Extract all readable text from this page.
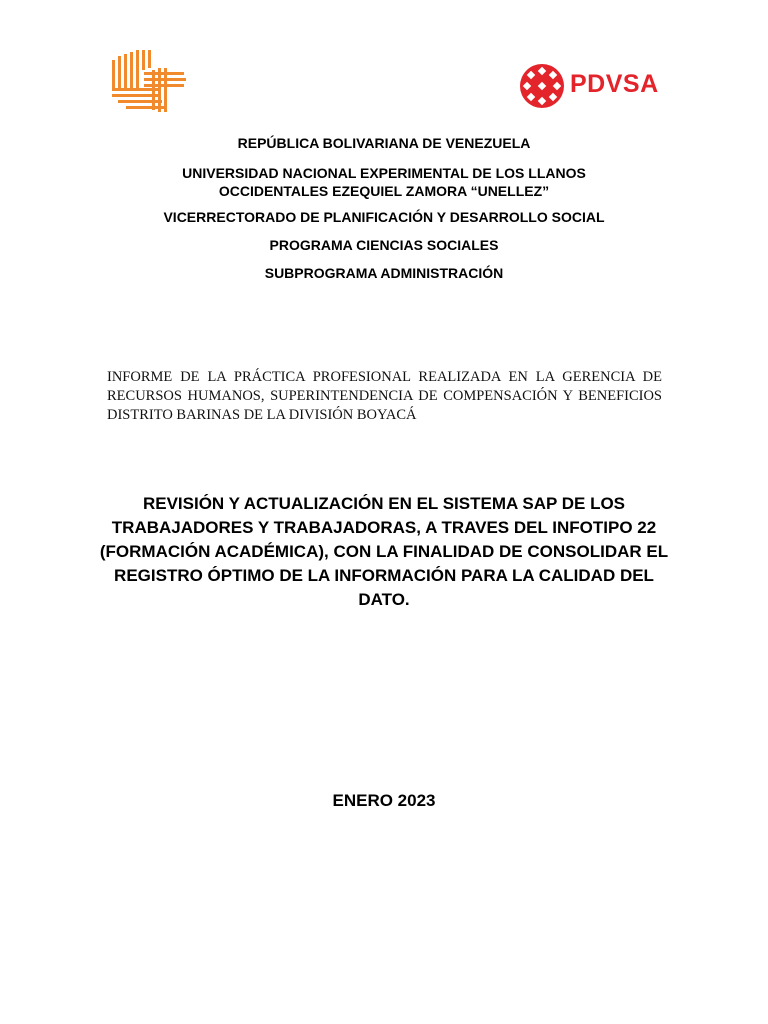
PDVSA

REPÚBLICA BOLIVARIANA DE VENEZUELA

UNIVERSIDAD NACIONAL EXPERIMENTAL DE LOS LLANOS

OCCIDENTALES EZEQUIEL ZAMORA “UNELLEZ”

VICERRECTORADO DE PLANIFICACIÓN Y DESARROLLO SOCIAL

PROGRAMA CIENCIAS SOCIALES

SUBPROGRAMA ADMINISTRACIÓN

INFORME DE LA PRÁCTICA PROFESIONAL REALIZADA EN LA GERENCIA DE RECURSOS HUMANOS, SUPERINTENDENCIA DE COMPENSACIÓN Y BENEFICIOS DISTRITO BARINAS DE LA DIVISIÓN BOYACÁ
REVISIÓN Y ACTUALIZACIÓN EN EL SISTEMA SAP DE LOS TRABAJADORES Y TRABAJADORAS, A TRAVES DEL INFOTIPO 22 (FORMACIÓN ACADÉMICA), CON LA FINALIDAD DE CONSOLIDAR EL REGISTRO ÓPTIMO DE LA INFORMACIÓN PARA LA CALIDAD DEL DATO.
ENERO 2023
